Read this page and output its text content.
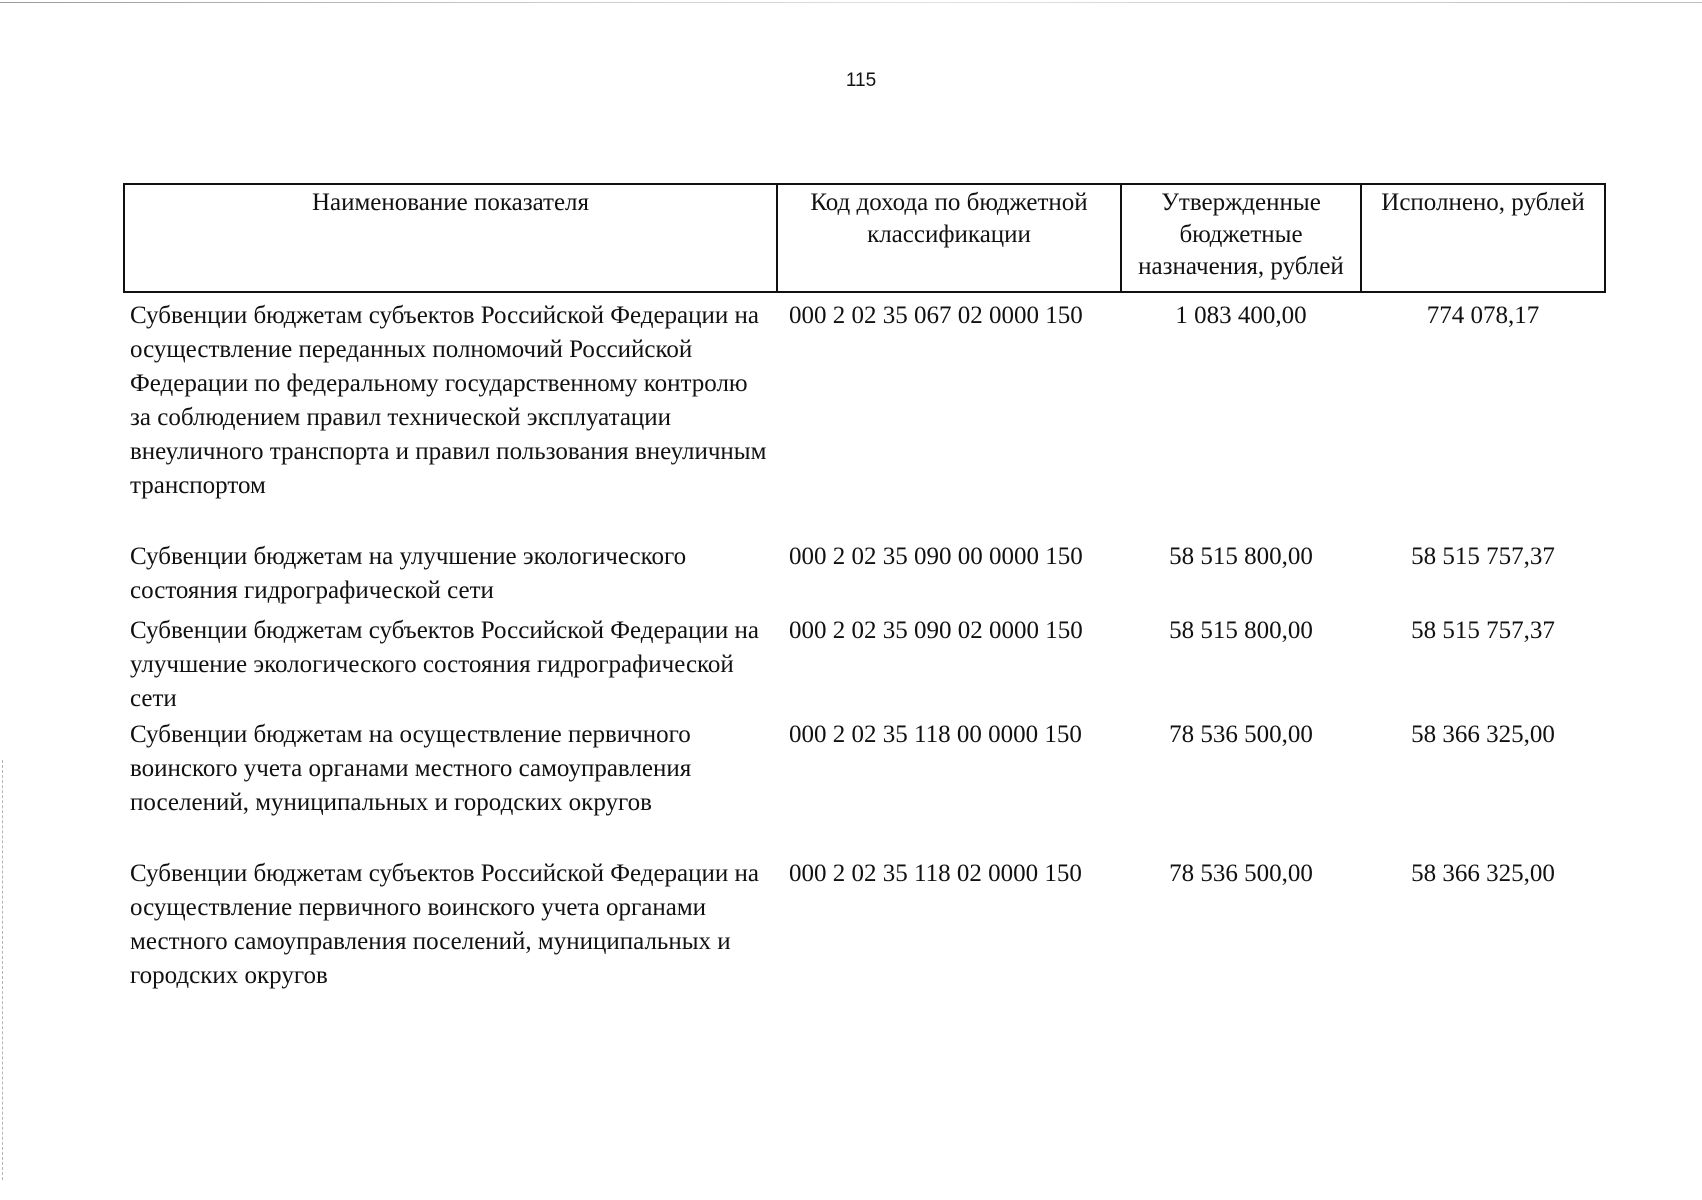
115
Наименование показателя	Код дохода по бюджетной классификации	Утвержденные бюджетные назначения, рублей	Исполнено, рублей
Субвенции бюджетам субъектов Российской Федерации на осуществление переданных полномочий Российской Федерации по федеральному государственному контролю за соблюдением правил технической эксплуатации внеуличного транспорта и правил пользования внеуличным транспортом	000 2 02 35 067 02 0000 150	1 083 400,00	774 078,17
Субвенции бюджетам на улучшение экологического состояния гидрографической сети	000 2 02 35 090 00 0000 150	58 515 800,00	58 515 757,37
Субвенции бюджетам субъектов Российской Федерации на улучшение экологического состояния гидрографической сети	000 2 02 35 090 02 0000 150	58 515 800,00	58 515 757,37
Субвенции бюджетам на осуществление первичного воинского учета органами местного самоуправления поселений, муниципальных и городских округов	000 2 02 35 118 00 0000 150	78 536 500,00	58 366 325,00
Субвенции бюджетам субъектов Российской Федерации на осуществление первичного воинского учета органами местного самоуправления поселений, муниципальных и городских округов	000 2 02 35 118 02 0000 150	78 536 500,00	58 366 325,00
